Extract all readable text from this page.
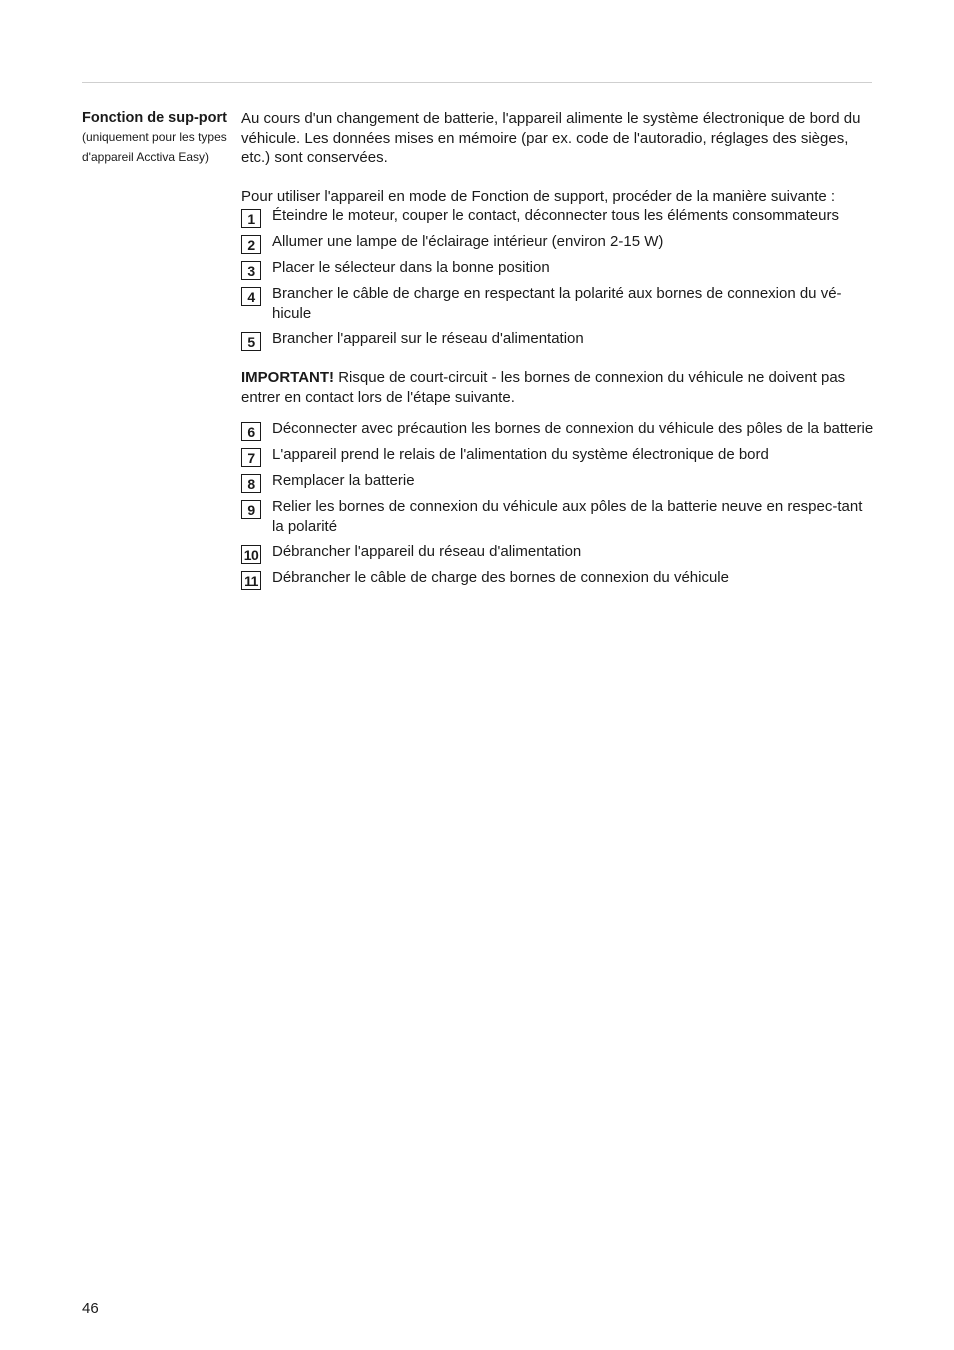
Fonction de sup-port
(uniquement pour les types d'appareil Acctiva Easy)

Au cours d'un changement de batterie, l'appareil alimente le système électronique de bord du véhicule. Les données mises en mémoire (par ex. code de l'autoradio, réglages des sièges, etc.) sont conservées.

Pour utiliser l'appareil en mode de Fonction de support, procéder de la manière suivante :

1	Éteindre le moteur, couper le contact, déconnecter tous les éléments consommateurs
2	Allumer une lampe de l'éclairage intérieur (environ 2-15 W)
3	Placer le sélecteur dans la bonne position
4	Brancher le câble de charge en respectant la polarité aux bornes de connexion du vé-hicule
5	Brancher l'appareil sur le réseau d'alimentation

IMPORTANT! Risque de court-circuit - les bornes de connexion du véhicule ne doivent pas entrer en contact lors de l'étape suivante.

6	Déconnecter avec précaution les bornes de connexion du véhicule des pôles de la batterie
7	L'appareil prend le relais de l'alimentation du système électronique de bord
8	Remplacer la batterie
9	Relier les bornes de connexion du véhicule aux pôles de la batterie neuve en respec-tant la polarité
10 Débrancher l'appareil du réseau d'alimentation
11 Débrancher le câble de charge des bornes de connexion du véhicule
46
